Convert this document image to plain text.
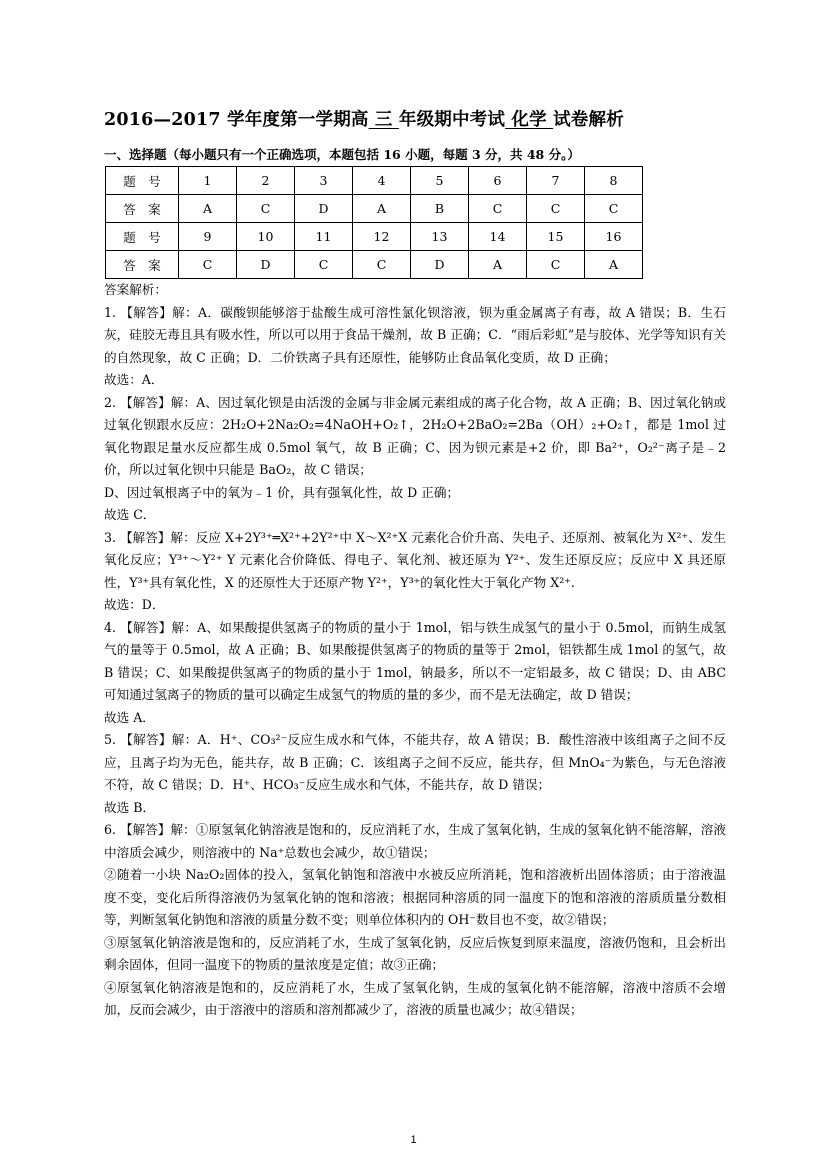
2016—2017 学年度第一学期高 三 年级期中考试 化学 试卷解析
一、选择题（每小题只有一个正确选项，本题包括 16 小题，每题 3 分，共 48 分。）
题　号	1	2	3	4	5	6	7	8
答　案	A	C	D	A	B	C	C	C
题　号	9	10	11	12	13	14	15	16
答　案	C	D	C	C	D	A	C	A

答案解析：

1. 【解答】解：A．碳酸钡能够溶于盐酸生成可溶性氯化钡溶液，钡为重金属离子有毒，故 A 错误；B．生石灰，硅胶无毒且具有吸水性，所以可以用于食品干燥剂，故 B 正确；C．“雨后彩虹”是与胶体、光学等知识有关的自然现象，故 C 正确；D．二价铁离子具有还原性，能够防止食品氧化变质，故 D 正确；

故选：A．

2. 【解答】解：A、因过氧化钡是由活泼的金属与非金属元素组成的离子化合物，故 A 正确；B、因过氧化钠或过氧化钡跟水反应：2H₂O+2Na₂O₂=4NaOH+O₂↑，2H₂O+2BaO₂=2Ba（OH）₂+O₂↑，都是 1mol 过氧化物跟足量水反应都生成 0.5mol 氧气，故 B 正确；C、因为钡元素是+2 价，即 Ba²⁺，O₂²⁻离子是﹣2 价，所以过氧化钡中只能是 BaO₂，故 C 错误；

D、因过氧根离子中的氧为﹣1 价，具有强氧化性，故 D 正确；

故选 C．

3. 【解答】解：反应 X+2Y³⁺═X²⁺+2Y²⁺中 X～X²⁺X 元素化合价升高、失电子、还原剂、被氧化为 X²⁺、发生氧化反应；Y³⁺～Y²⁺ Y 元素化合价降低、得电子、氧化剂、被还原为 Y²⁺、发生还原反应；反应中 X 具还原性，Y³⁺具有氧化性，X 的还原性大于还原产物 Y²⁺，Y³⁺的氧化性大于氧化产物 X²⁺.

故选：D．

4. 【解答】解：A、如果酸提供氢离子的物质的量小于 1mol，铝与铁生成氢气的量小于 0.5mol，而钠生成氢气的量等于 0.5mol，故 A 正确；B、如果酸提供氢离子的物质的量等于 2mol，铝铁都生成 1mol 的氢气，故 B 错误；C、如果酸提供氢离子的物质的量小于 1mol，钠最多，所以不一定铝最多，故 C 错误；D、由 ABC 可知通过氢离子的物质的量可以确定生成氢气的物质的量的多少，而不是无法确定，故 D 错误；

故选 A．

5. 【解答】解：A．H⁺、CO₃²⁻反应生成水和气体，不能共存，故 A 错误；B．酸性溶液中该组离子之间不反应，且离子均为无色，能共存，故 B 正确；C．该组离子之间不反应，能共存，但 MnO₄⁻为紫色，与无色溶液不符，故 C 错误；D．H⁺、HCO₃⁻反应生成水和气体，不能共存，故 D 错误；

故选 B．

6. 【解答】解：①原氢氧化钠溶液是饱和的，反应消耗了水，生成了氢氧化钠，生成的氢氧化钠不能溶解，溶液中溶质会减少，则溶液中的 Na⁺总数也会减少，故①错误；

②随着一小块 Na₂O₂固体的投入，氢氧化钠饱和溶液中水被反应所消耗，饱和溶液析出固体溶质；由于溶液温度不变，变化后所得溶液仍为氢氧化钠的饱和溶液；根据同种溶质的同一温度下的饱和溶液的溶质质量分数相等，判断氢氧化钠饱和溶液的质量分数不变；则单位体积内的 OH⁻数目也不变，故②错误；

③原氢氧化钠溶液是饱和的，反应消耗了水，生成了氢氧化钠，反应后恢复到原来温度，溶液仍饱和，且会析出剩余固体，但同一温度下的物质的量浓度是定值；故③正确；

④原氢氧化钠溶液是饱和的，反应消耗了水，生成了氢氧化钠，生成的氢氧化钠不能溶解，溶液中溶质不会增加，反而会减少，由于溶液中的溶质和溶剂都减少了，溶液的质量也减少；故④错误；

1
